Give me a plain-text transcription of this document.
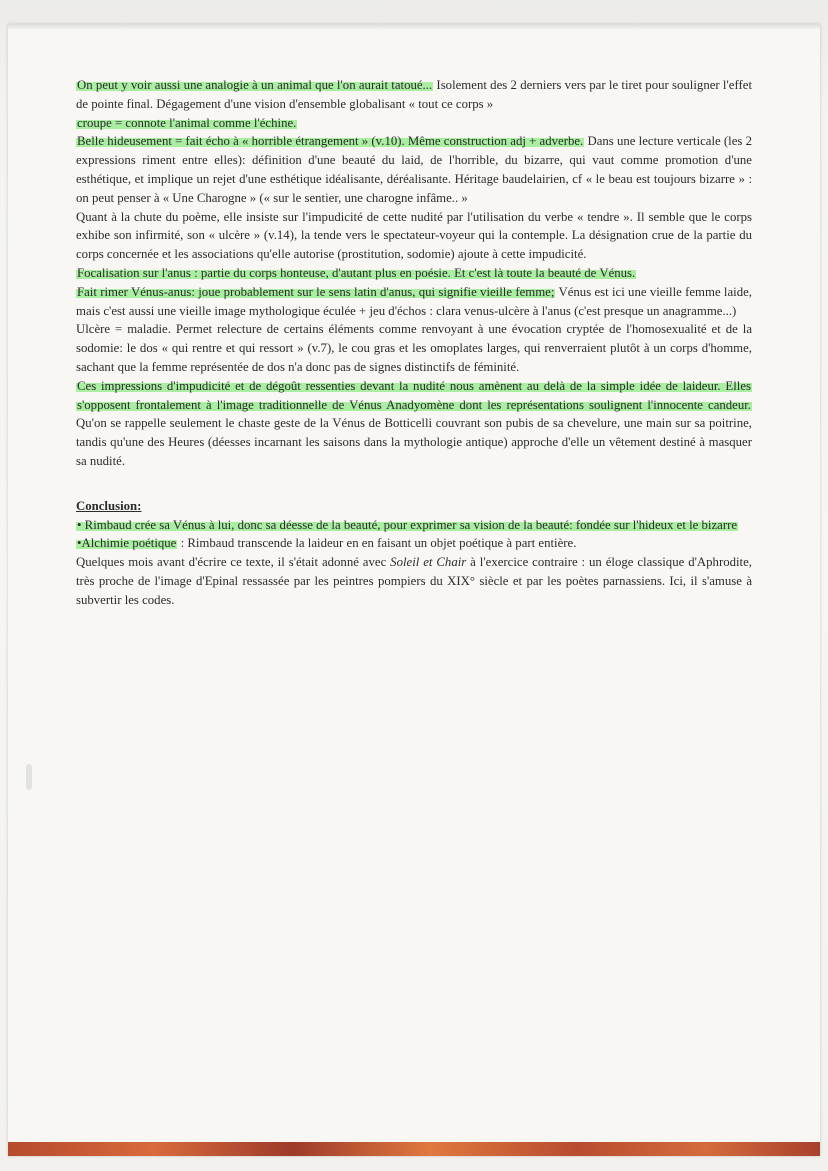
On peut y voir aussi une analogie à un animal que l'on aurait tatoué... Isolement des 2 derniers vers par le tiret pour souligner l'effet de pointe final. Dégagement d'une vision d'ensemble globalisant « tout ce corps »

croupe = connote l'animal comme l'échine.

Belle hideusement = fait écho à « horrible étrangement » (v.10). Même construction adj + adverbe. Dans une lecture verticale (les 2 expressions riment entre elles): définition d'une beauté du laid, de l'horrible, du bizarre, qui vaut comme promotion d'une esthétique, et implique un rejet d'une esthétique idéalisante, déréalisante. Héritage baudelairien, cf « le beau est toujours bizarre » : on peut penser à « Une Charogne » (« sur le sentier, une charogne infâme.. »

Quant à la chute du poème, elle insiste sur l'impudicité de cette nudité par l'utilisation du verbe « tendre ». Il semble que le corps exhibe son infirmité, son « ulcère » (v.14), la tende vers le spectateur-voyeur qui la contemple. La désignation crue de la partie du corps concernée et les associations qu'elle autorise (prostitution, sodomie) ajoute à cette impudicité.

Focalisation sur l'anus : partie du corps honteuse, d'autant plus en poésie. Et c'est là toute la beauté de Vénus.

Fait rimer Vénus-anus: joue probablement sur le sens latin d'anus, qui signifie vieille femme; Vénus est ici une vieille femme laide, mais c'est aussi une vieille image mythologique éculée + jeu d'échos : clara venus-ulcère à l'anus (c'est presque un anagramme...)

Ulcère = maladie. Permet relecture de certains éléments comme renvoyant à une évocation cryptée de l'homosexualité et de la sodomie: le dos « qui rentre et qui ressort » (v.7), le cou gras et les omoplates larges, qui renverraient plutôt à un corps d'homme, sachant que la femme représentée de dos n'a donc pas de signes distinctifs de féminité.

Ces impressions d'impudicité et de dégoût ressenties devant la nudité nous amènent au delà de la simple idée de laideur. Elles s'opposent frontalement à l'image traditionnelle de Vénus Anadyomène dont les représentations soulignent l'innocente candeur. Qu'on se rappelle seulement le chaste geste de la Vénus de Botticelli couvrant son pubis de sa chevelure, une main sur sa poitrine, tandis qu'une des Heures (déesses incarnant les saisons dans la mythologie antique) approche d'elle un vêtement destiné à masquer sa nudité.

Conclusion:

• Rimbaud crée sa Vénus à lui, donc sa déesse de la beauté, pour exprimer sa vision de la beauté: fondée sur l'hideux et le bizarre

•Alchimie poétique : Rimbaud transcende la laideur en en faisant un objet poétique à part entière.

Quelques mois avant d'écrire ce texte, il s'était adonné avec Soleil et Chair à l'exercice contraire : un éloge classique d'Aphrodite, très proche de l'image d'Epinal ressassée par les peintres pompiers du XIX° siècle et par les poètes parnassiens. Ici, il s'amuse à subvertir les codes.
